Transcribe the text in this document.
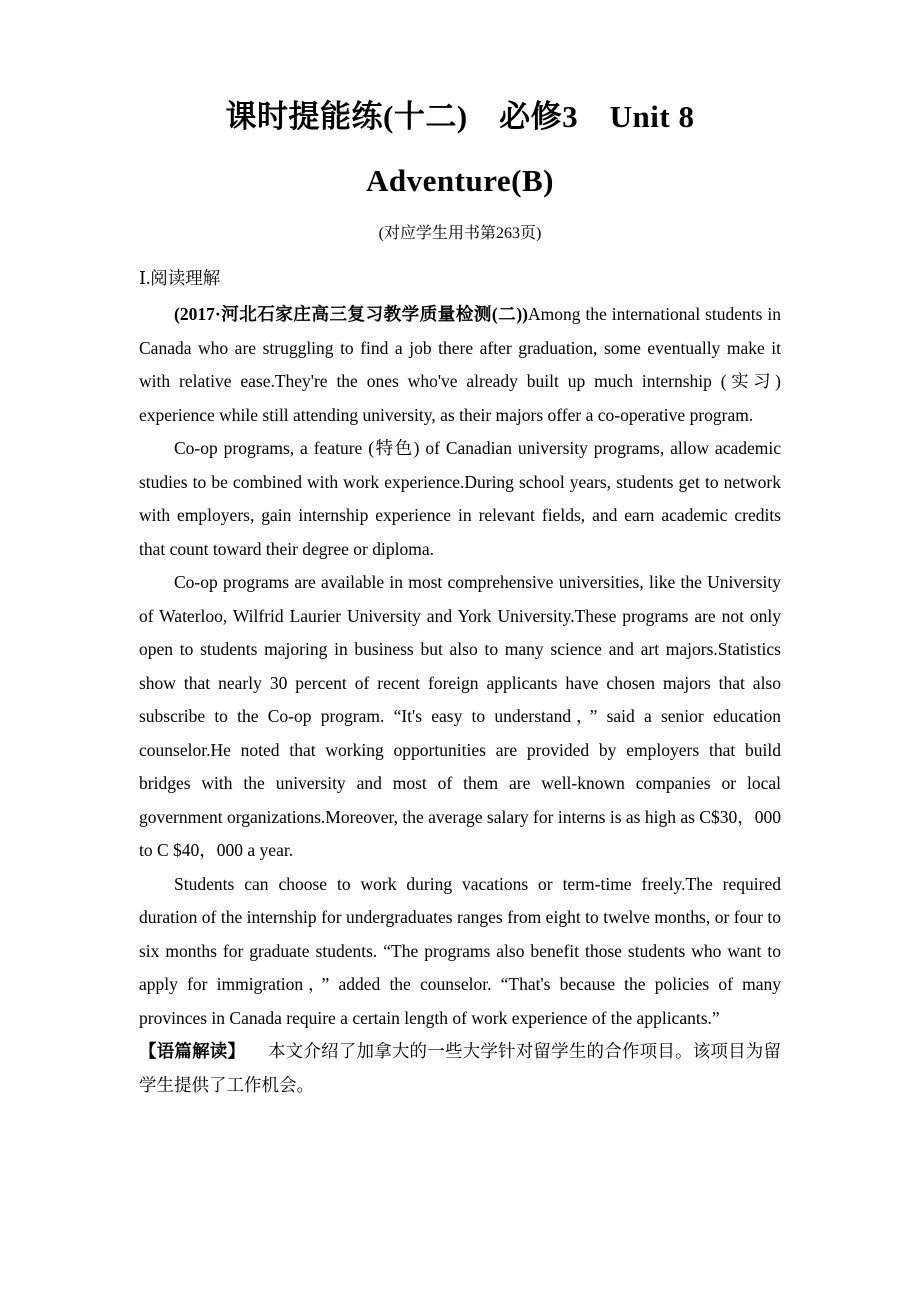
课时提能练(十二)　必修3　Unit 8
Adventure(B)
(对应学生用书第263页)
Ⅰ.阅读理解

(2017·河北石家庄高三复习教学质量检测(二))Among the international students in Canada who are struggling to find a job there after graduation, some eventually make it with relative ease.They're the ones who've already built up much internship (实习) experience while still attending university, as their majors offer a co‐operative program.

Co‐op programs, a feature (特色) of Canadian university programs, allow academic studies to be combined with work experience.During school years, students get to network with employers, gain internship experience in relevant fields, and earn academic credits that count toward their degree or diploma.

Co‐op programs are available in most comprehensive universities, like the University of Waterloo, Wilfrid Laurier University and York University.These programs are not only open to students majoring in business but also to many science and art majors.Statistics show that nearly 30 percent of recent foreign applicants have chosen majors that also subscribe to the Co-op program. “It's easy to understand，” said a senior education counselor.He noted that working opportunities are provided by employers that build bridges with the university and most of them are well‐known companies or local government organizations.Moreover, the average salary for interns is as high as C$30，000 to C $40，000 a year.

Students can choose to work during vacations or term‐time freely.The required duration of the internship for undergraduates ranges from eight to twelve months, or four to six months for graduate students. “The programs also benefit those students who want to apply for immigration，” added the counselor. “That's because the policies of many provinces in Canada require a certain length of work experience of the applicants.”

【语篇解读】 本文介绍了加拿大的一些大学针对留学生的合作项目。该项目为留学生提供了工作机会。
